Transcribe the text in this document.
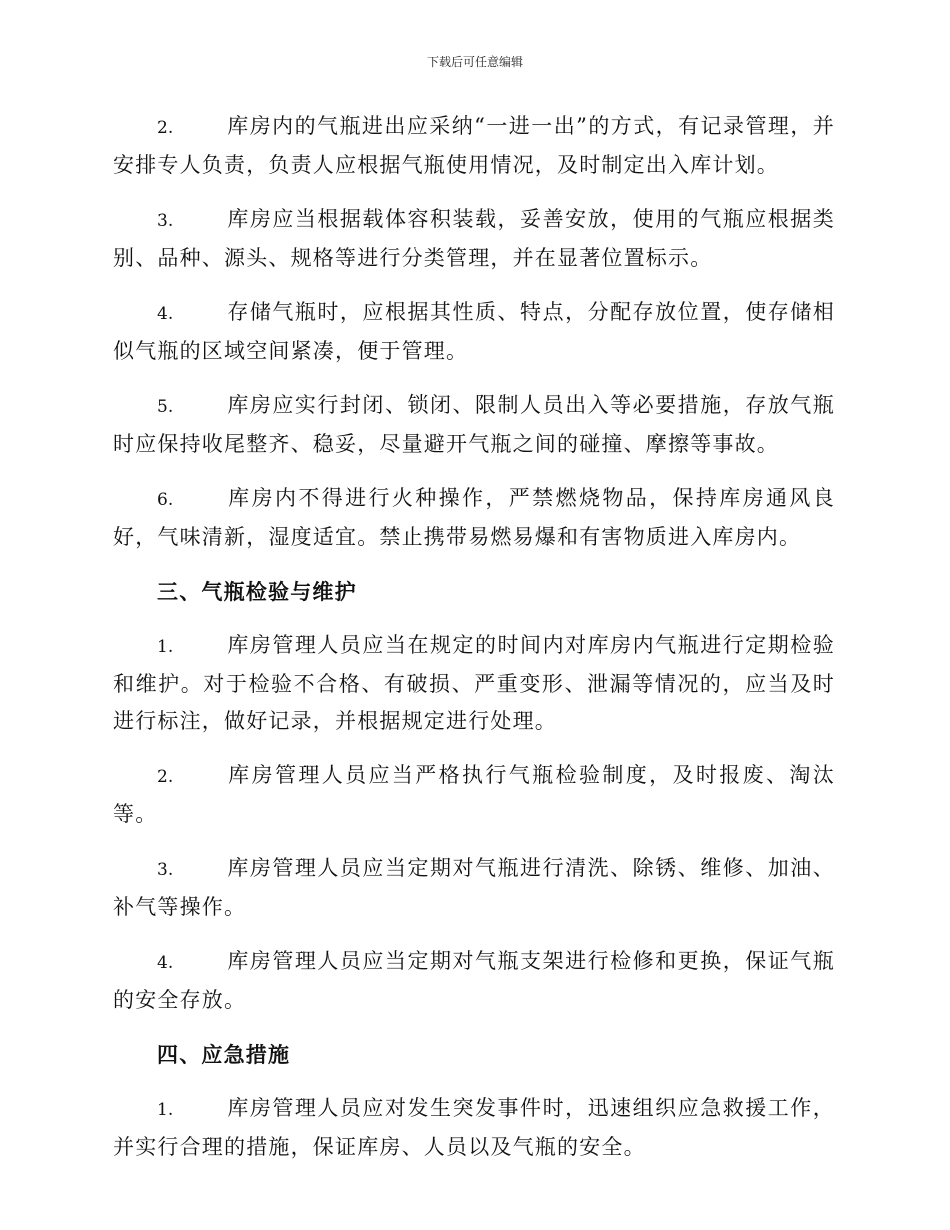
下载后可任意编辑

2.	库房内的气瓶进出应采纳“一进一出”的方式，有记录管理，并安排专人负责，负责人应根据气瓶使用情况，及时制定出入库计划。

3.	库房应当根据载体容积装载，妥善安放，使用的气瓶应根据类别、品种、源头、规格等进行分类管理，并在显著位置标示。

4.	存储气瓶时，应根据其性质、特点，分配存放位置，使存储相似气瓶的区域空间紧凑，便于管理。

5.	库房应实行封闭、锁闭、限制人员出入等必要措施，存放气瓶时应保持收尾整齐、稳妥，尽量避开气瓶之间的碰撞、摩擦等事故。

6.	库房内不得进行火种操作，严禁燃烧物品，保持库房通风良好，气味清新，湿度适宜。禁止携带易燃易爆和有害物质进入库房内。

三、气瓶检验与维护

1.	库房管理人员应当在规定的时间内对库房内气瓶进行定期检验和维护。对于检验不合格、有破损、严重变形、泄漏等情况的，应当及时进行标注，做好记录，并根据规定进行处理。

2.	库房管理人员应当严格执行气瓶检验制度，及时报废、淘汰等。

3.	库房管理人员应当定期对气瓶进行清洗、除锈、维修、加油、补气等操作。

4.	库房管理人员应当定期对气瓶支架进行检修和更换，保证气瓶的安全存放。

四、应急措施

1.	库房管理人员应对发生突发事件时，迅速组织应急救援工作，并实行合理的措施，保证库房、人员以及气瓶的安全。
